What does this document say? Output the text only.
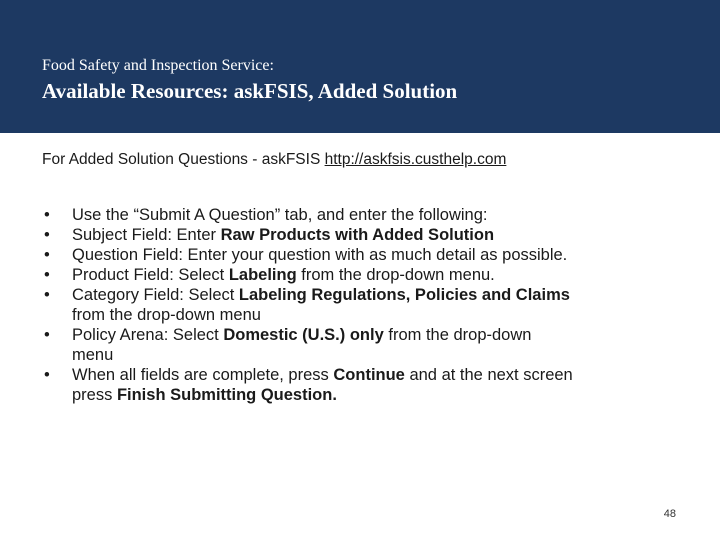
Food Safety and Inspection Service:
Available Resources: askFSIS, Added Solution
For Added Solution Questions - askFSIS http://askfsis.custhelp.com
• Use the “Submit A Question” tab, and enter the following:
• Subject Field: Enter Raw Products with Added Solution
• Question Field: Enter your question with as much detail as possible.
• Product Field: Select Labeling from the drop-down menu.
• Category Field: Select Labeling Regulations, Policies and Claims
from the drop-down menu
• Policy Arena: Select Domestic (U.S.) only from the drop-down
menu
• When all fields are complete, press Continue and at the next screen
press Finish Submitting Question.
48
